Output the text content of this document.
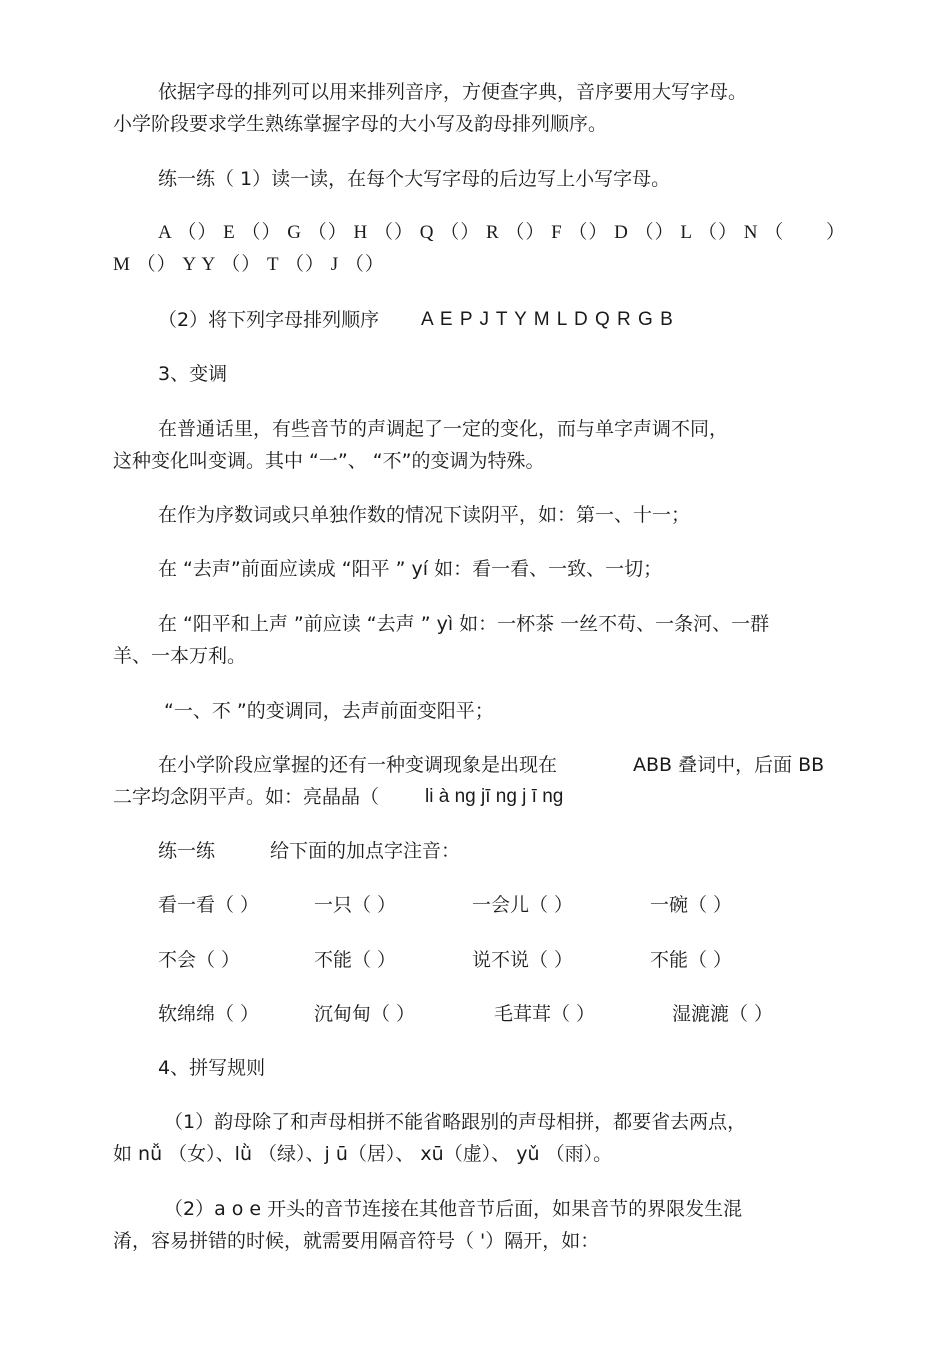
依据字母的排列可以用来排列音序，方便查字典，音序要用大写字母。
小学阶段要求学生熟练掌握字母的大小写及韵母排列顺序。
练一练（ 1）读一读，在每个大写字母的后边写上小写字母。
A （） E （） G （） H （） Q （） R （） F （） D （） L （） N （ ）
M （） Y Y （） T （） J （）
（2）将下列字母排列顺序 A E P J T Y M L D Q R G B
3、变调
在普通话里，有些音节的声调起了一定的变化，而与单字声调不同，
这种变化叫变调。其中 “一”、 “不”的变调为特殊。
在作为序数词或只单独作数的情况下读阴平，如：第一、十一；
在 “去声”前面应读成 “阳平 ” yí 如：看一看、一致、一切；
在 “阳平和上声 ”前应读 “去声 ” yì 如：一杯茶 一丝不苟、一条河、一群
羊、一本万利。
“一、不 ”的变调同，去声前面变阳平；
在小学阶段应掌握的还有一种变调现象是出现在	ABB 叠词中，后面 BB
二字均念阴平声。如：亮晶晶（ li à ng jī ng j ī ng
练一练	给下面的加点字注音：
看一看（ ）	一只（ ）	一会儿（ ）	一碗（ ）
不会（ ）	不能（ ）	说不说（ ）	不能（ ）
软绵绵（ ）	沉甸甸（ ）	毛茸茸（ ）	湿漉漉（ ）
4、拼写规则
（1）韵母除了和声母相拼不能省略跟别的声母相拼，都要省去两点，
如 nǚ （女）、lǜ （绿）、j ū（居）、 xū（虚）、 yǔ （雨）。
（2）a o e 开头的音节连接在其他音节后面，如果音节的界限发生混
淆，容易拼错的时候，就需要用隔音符号（ '）隔开，如：
